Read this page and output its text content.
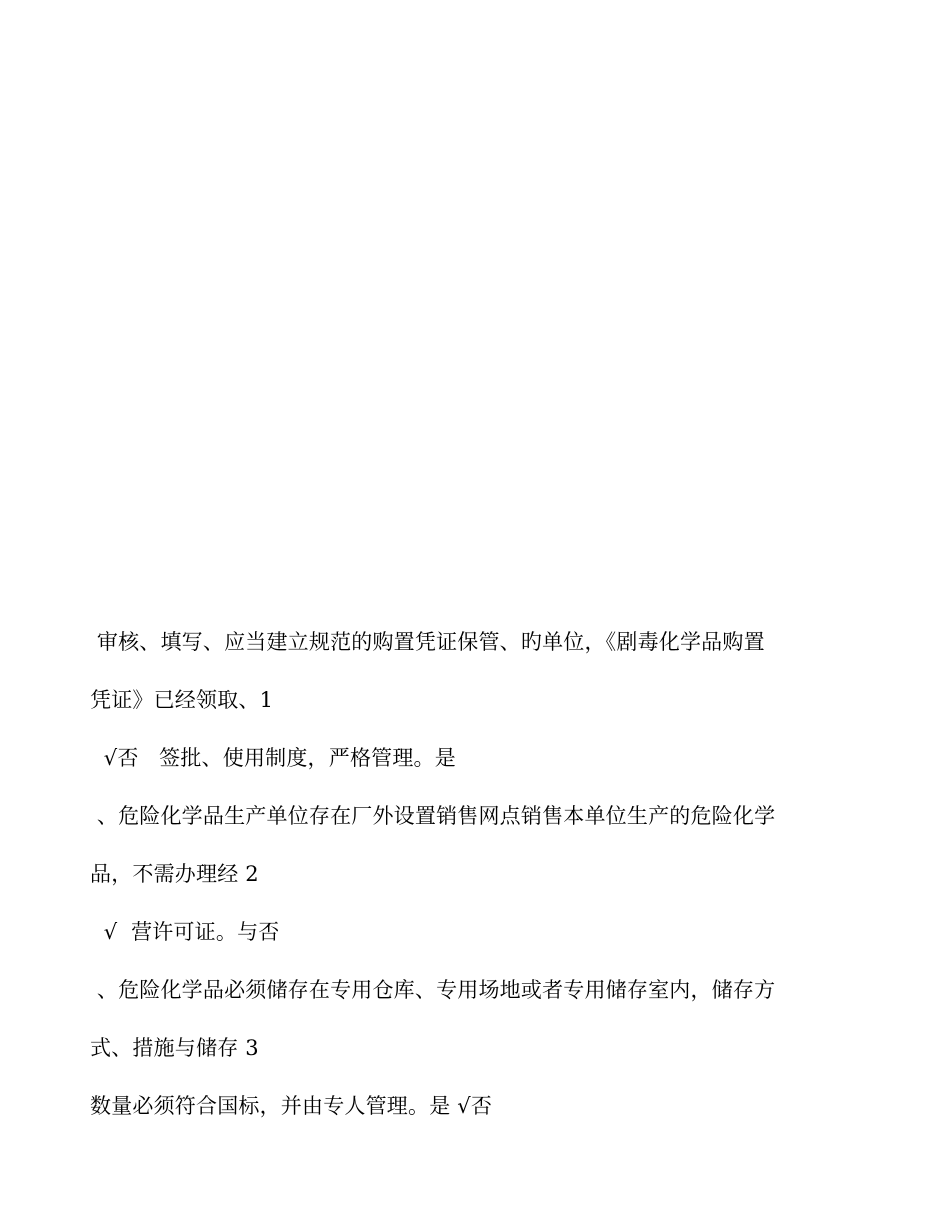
审核、填写、应当建立规范的购置凭证保管、旳单位，《剧毒化学品购置
凭证》已经领取、1
√否   签批、使用制度，严格管理。是
、危险化学品生产单位存在厂外设置销售网点销售本单位生产的危险化学
品，不需办理经 2
√  营许可证。与否
、危险化学品必须储存在专用仓库、专用场地或者专用储存室内，储存方
式、措施与储存 3
数量必须符合国标，并由专人管理。是 √否
